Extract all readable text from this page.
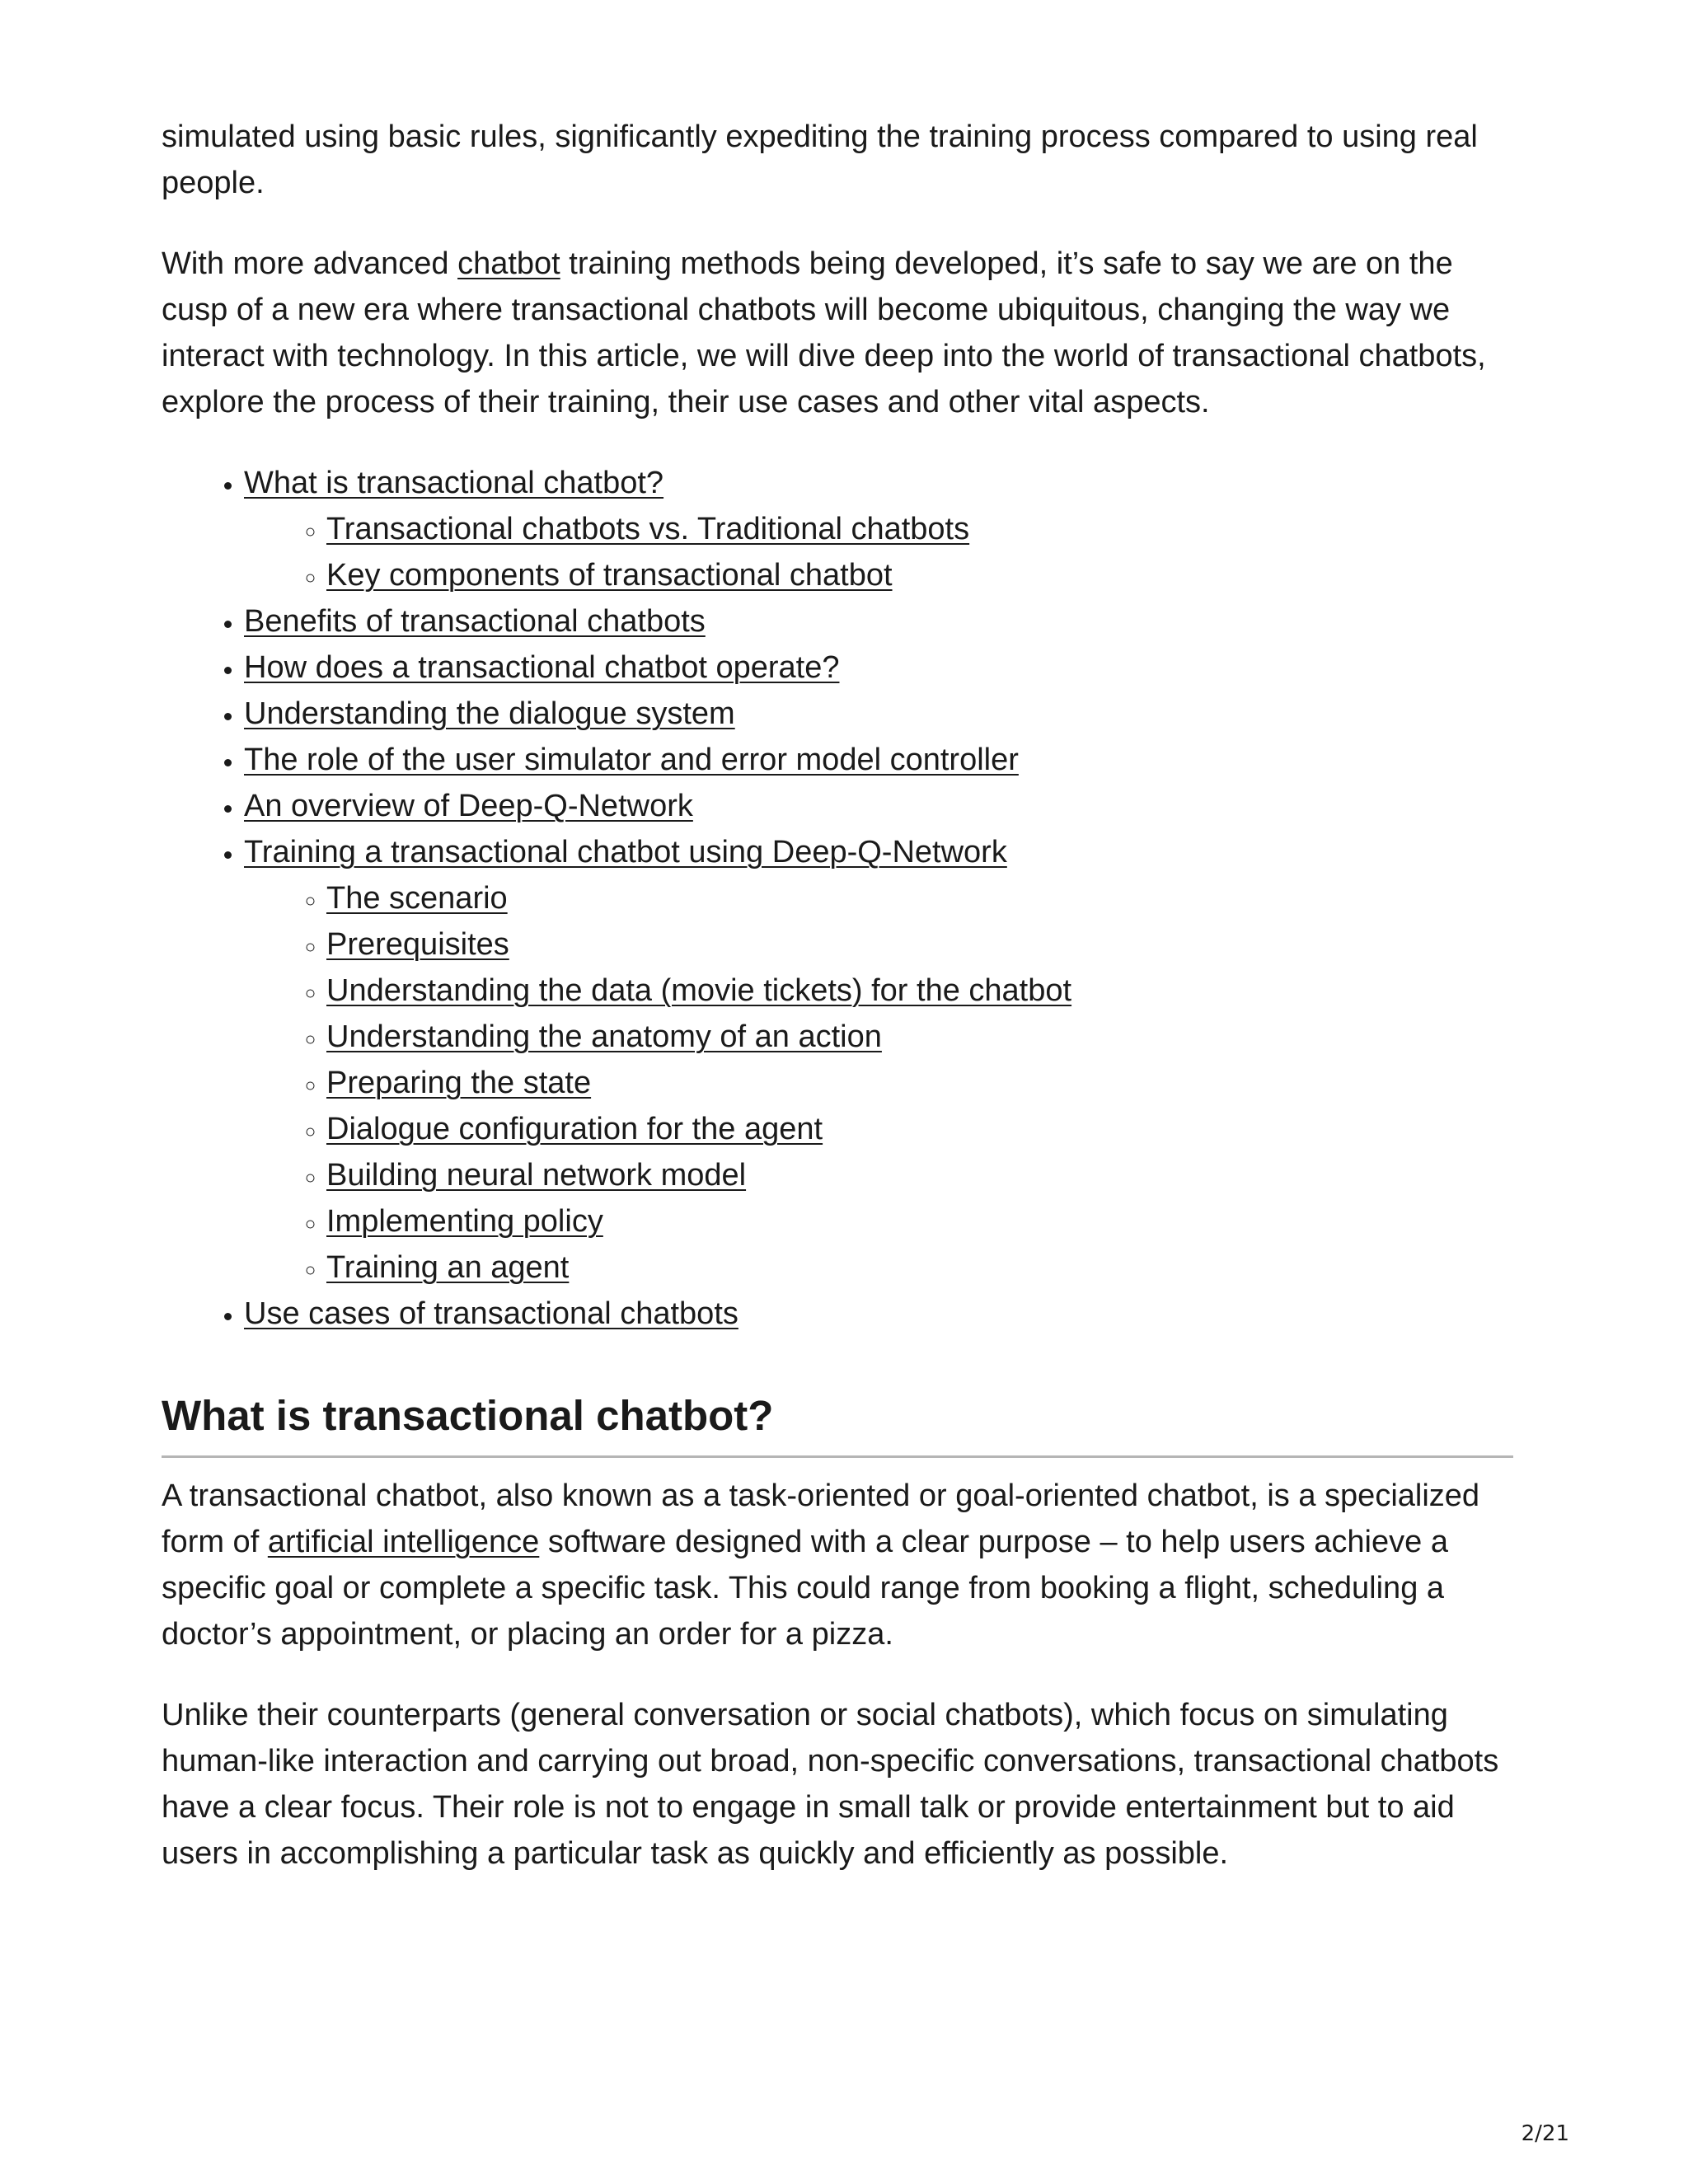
simulated using basic rules, significantly expediting the training process compared to using real people.

With more advanced chatbot training methods being developed, it’s safe to say we are on the cusp of a new era where transactional chatbots will become ubiquitous, changing the way we interact with technology. In this article, we will dive deep into the world of transactional chatbots, explore the process of their training, their use cases and other vital aspects.

• What is transactional chatbot?
◦ Transactional chatbots vs. Traditional chatbots
◦ Key components of transactional chatbot
• Benefits of transactional chatbots
• How does a transactional chatbot operate?
• Understanding the dialogue system
• The role of the user simulator and error model controller
• An overview of Deep-Q-Network
• Training a transactional chatbot using Deep-Q-Network
◦ The scenario
◦ Prerequisites
◦ Understanding the data (movie tickets) for the chatbot
◦ Understanding the anatomy of an action
◦ Preparing the state
◦ Dialogue configuration for the agent
◦ Building neural network model
◦ Implementing policy
◦ Training an agent
• Use cases of transactional chatbots
What is transactional chatbot?

A transactional chatbot, also known as a task-oriented or goal-oriented chatbot, is a specialized form of artificial intelligence software designed with a clear purpose – to help users achieve a specific goal or complete a specific task. This could range from booking a flight, scheduling a doctor’s appointment, or placing an order for a pizza.

Unlike their counterparts (general conversation or social chatbots), which focus on simulating human-like interaction and carrying out broad, non-specific conversations, transactional chatbots have a clear focus. Their role is not to engage in small talk or provide entertainment but to aid users in accomplishing a particular task as quickly and efficiently as possible.

2/21
